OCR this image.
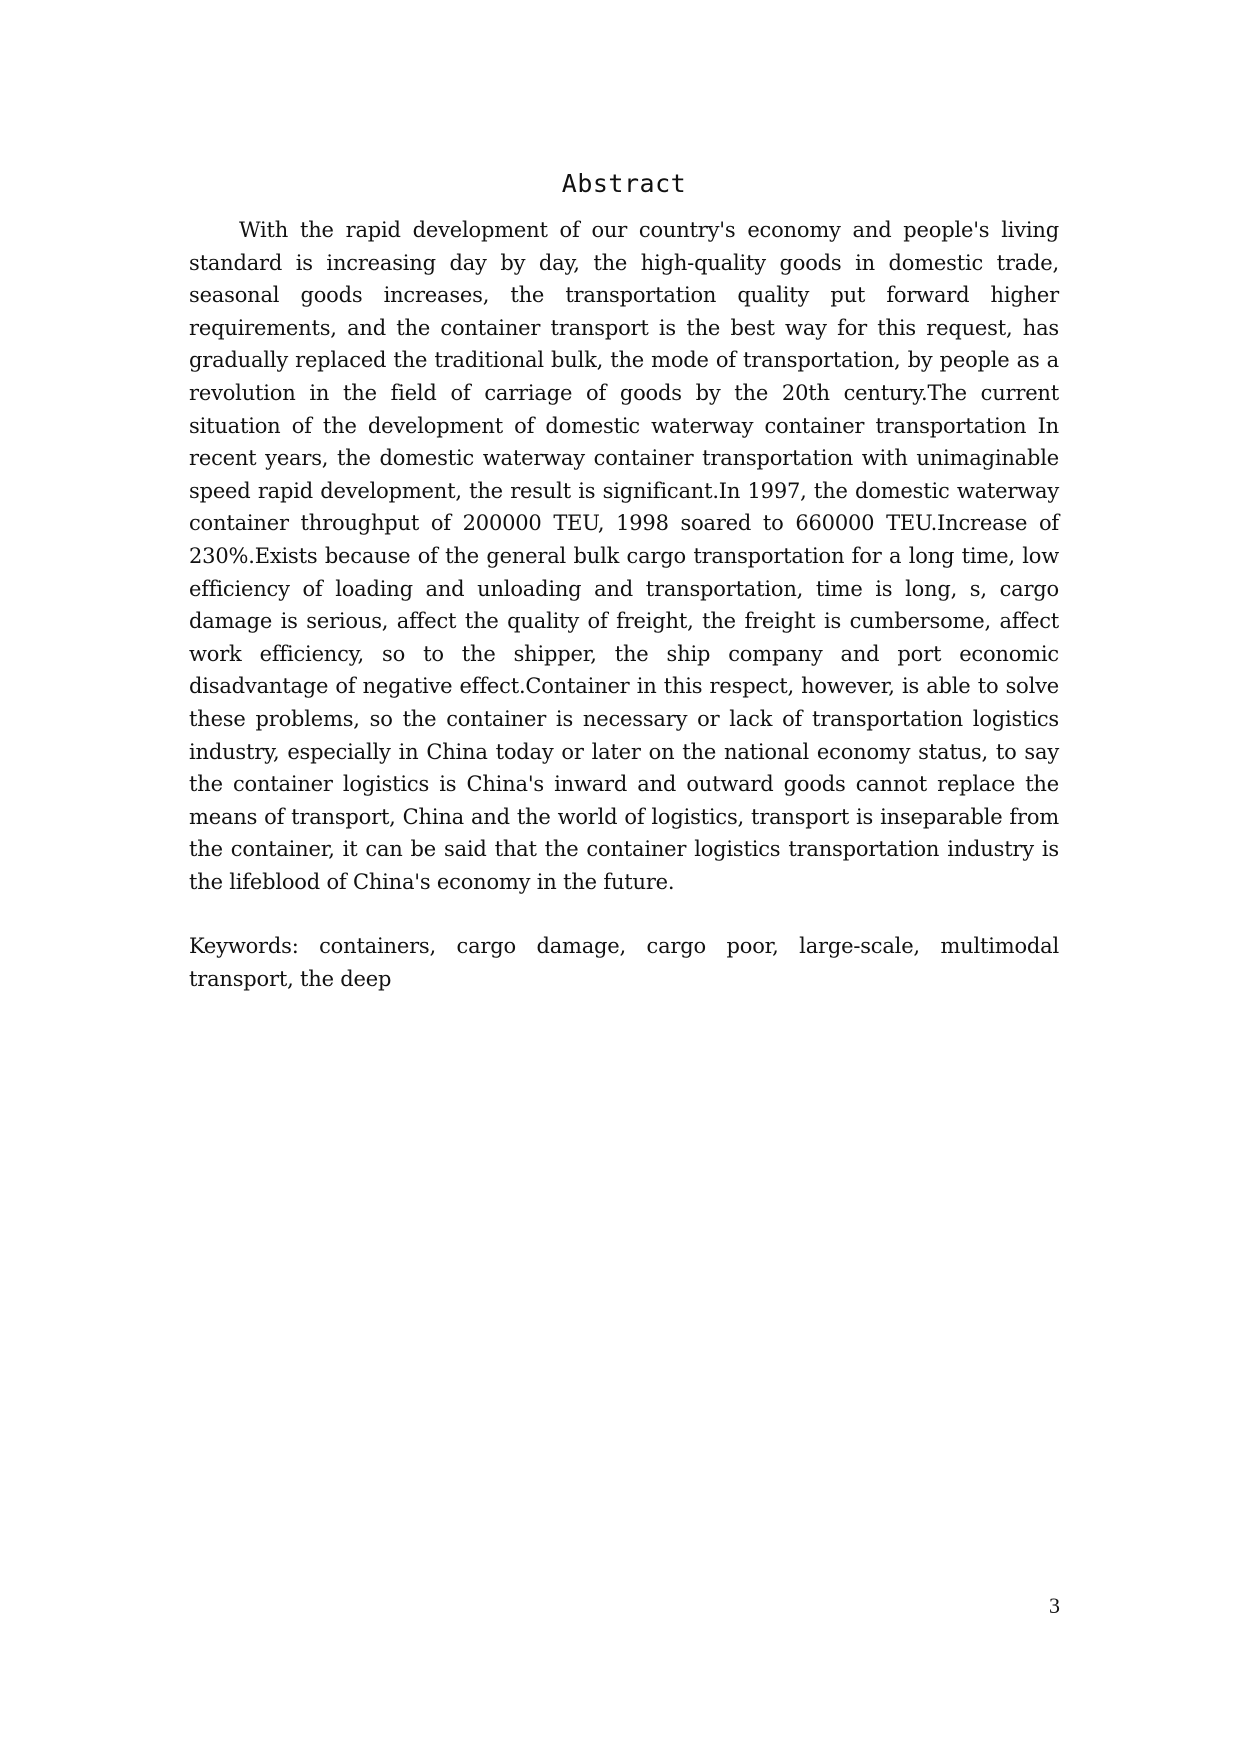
Abstract

With the rapid development of our country's economy and people's living standard is increasing day by day, the high-quality goods in domestic trade, seasonal goods increases, the transportation quality put forward higher requirements, and the container transport is the best way for this request, has gradually replaced the traditional bulk, the mode of transportation, by people as a revolution in the field of carriage of goods by the 20th century.The current situation of the development of domestic waterway container transportation In recent years, the domestic waterway container transportation with unimaginable speed rapid development, the result is significant.In 1997, the domestic waterway container throughput of 200000 TEU, 1998 soared to 660000 TEU.Increase of 230%.Exists because of the general bulk cargo transportation for a long time, low efficiency of loading and unloading and transportation, time is long, s, cargo damage is serious, affect the quality of freight, the freight is cumbersome, affect work efficiency, so to the shipper, the ship company and port economic disadvantage of negative effect.Container in this respect, however, is able to solve these problems, so the container is necessary or lack of transportation logistics industry, especially in China today or later on the national economy status, to say the container logistics is China's inward and outward goods cannot replace the means of transport, China and the world of logistics, transport is inseparable from the container, it can be said that the container logistics transportation industry is the lifeblood of China's economy in the future.

Keywords: containers, cargo damage, cargo poor, large-scale, multimodal transport, the deep

3
